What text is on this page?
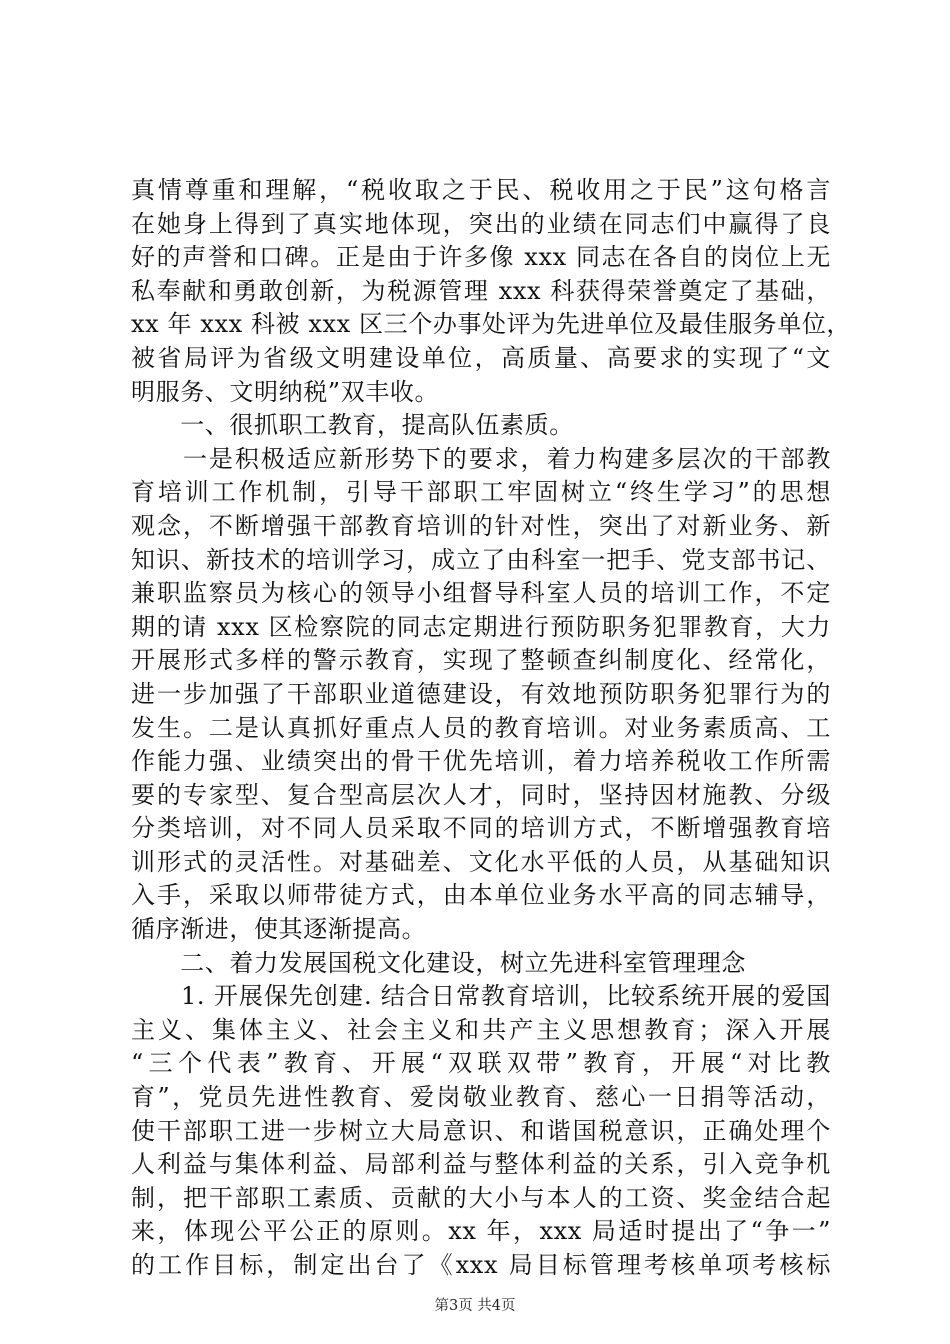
真情尊重和理解，“税收取之于民、税收用之于民”这句格言
在她身上得到了真实地体现，突出的业绩在同志们中赢得了良
好的声誉和口碑。正是由于许多像 xxx 同志在各自的岗位上无
私奉献和勇敢创新，为税源管理 xxx 科获得荣誉奠定了基础，
xx 年 xxx 科被 xxx 区三个办事处评为先进单位及最佳服务单位，
被省局评为省级文明建设单位，高质量、高要求的实现了“文
明服务、文明纳税”双丰收。
　　一、很抓职工教育，提高队伍素质。
　　一是积极适应新形势下的要求，着力构建多层次的干部教
育培训工作机制，引导干部职工牢固树立“终生学习”的思想
观念，不断增强干部教育培训的针对性，突出了对新业务、新
知识、新技术的培训学习，成立了由科室一把手、党支部书记、
兼职监察员为核心的领导小组督导科室人员的培训工作，不定
期的请 xxx 区检察院的同志定期进行预防职务犯罪教育，大力
开展形式多样的警示教育，实现了整顿查纠制度化、经常化，
进一步加强了干部职业道德建设，有效地预防职务犯罪行为的
发生。二是认真抓好重点人员的教育培训。对业务素质高、工
作能力强、业绩突出的骨干优先培训，着力培养税收工作所需
要的专家型、复合型高层次人才，同时，坚持因材施教、分级
分类培训，对不同人员采取不同的培训方式，不断增强教育培
训形式的灵活性。对基础差、文化水平低的人员，从基础知识
入手，采取以师带徒方式，由本单位业务水平高的同志辅导，
循序渐进，使其逐渐提高。
　　二、着力发展国税文化建设，树立先进科室管理理念
　　1. 开展保先创建. 结合日常教育培训，比较系统开展的爱国
主义、集体主义、社会主义和共产主义思想教育；深入开展
“三个代表”教育、开展“双联双带”教育，开展“对比教
育”，党员先进性教育、爱岗敬业教育、慈心一日捐等活动，
使干部职工进一步树立大局意识、和谐国税意识，正确处理个
人利益与集体利益、局部利益与整体利益的关系，引入竞争机
制，把干部职工素质、贡献的大小与本人的工资、奖金结合起
来，体现公平公正的原则。xx 年，xxx 局适时提出了“争一”
的工作目标，制定出台了《xxx 局目标管理考核单项考核标
第3页 共4页
